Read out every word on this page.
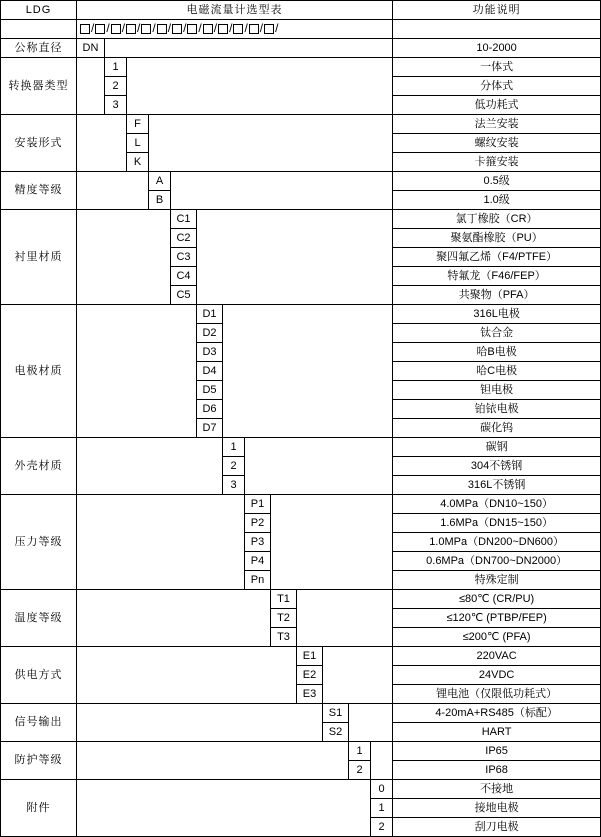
LDG	电磁流量计选型表													功能说明

/ / / / / / / / / / / / /

公称直径	DN													10-2000
转换器类型		1												一体式
		2												分体式
		3												低功耗式
安装形式			F											法兰安装
			L											螺纹安装
			K											卡箍安装
精度等级				A										0.5级
				B										1.0级
衬里材质					C1									氯丁橡胶（CR）
					C2									聚氨酯橡胶（PU）
					C3									聚四氟乙烯（F4/PTFE）
					C4									特氟龙（F46/FEP）
					C5									共聚物（PFA）
电极材质						D1								316L电极
						D2								钛合金
						D3								哈B电极
						D4								哈C电极
						D5								钽电极
						D6								铂铱电极
						D7								碳化钨
外壳材质							1							碳钢
							2							304不锈钢
							3							316L不锈钢
压力等级								P1						4.0MPa（DN10~150）
								P2						1.6MPa（DN15~150）
								P3						1.0MPa（DN200~DN600）
								P4						0.6MPa（DN700~DN2000）
								Pn						特殊定制
温度等级									T1					≤80℃ (CR/PU)
									T2					≤120℃ (PTBP/FEP)
									T3					≤200℃ (PFA)
供电方式										E1				220VAC
										E2				24VDC
										E3				锂电池（仅限低功耗式）
信号输出											S1			4-20mA+RS485（标配）
											S2			HART
防护等级												1		IP65
												2		IP68
附件													0	不接地
													1	接地电极
													2	刮刀电极
